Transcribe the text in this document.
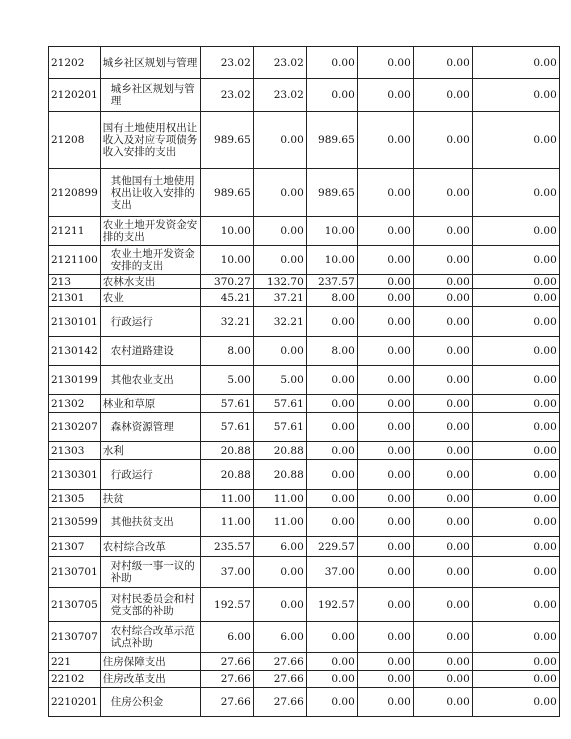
21202	城乡社区规划与管理	23.02	23.02	0.00	0.00	0.00	0.00
2120201	城乡社区规划与管理	23.02	23.02	0.00	0.00	0.00	0.00
21208	国有土地使用权出让收入及对应专项债务收入安排的支出	989.65	0.00	989.65	0.00	0.00	0.00
2120899	其他国有土地使用权出让收入安排的支出	989.65	0.00	989.65	0.00	0.00	0.00
21211	农业土地开发资金安排的支出	10.00	0.00	10.00	0.00	0.00	0.00
2121100	农业土地开发资金安排的支出	10.00	0.00	10.00	0.00	0.00	0.00
213	农林水支出	370.27	132.70	237.57	0.00	0.00	0.00
21301	农业	45.21	37.21	8.00	0.00	0.00	0.00
2130101	行政运行	32.21	32.21	0.00	0.00	0.00	0.00
2130142	农村道路建设	8.00	0.00	8.00	0.00	0.00	0.00
2130199	其他农业支出	5.00	5.00	0.00	0.00	0.00	0.00
21302	林业和草原	57.61	57.61	0.00	0.00	0.00	0.00
2130207	森林资源管理	57.61	57.61	0.00	0.00	0.00	0.00
21303	水利	20.88	20.88	0.00	0.00	0.00	0.00
2130301	行政运行	20.88	20.88	0.00	0.00	0.00	0.00
21305	扶贫	11.00	11.00	0.00	0.00	0.00	0.00
2130599	其他扶贫支出	11.00	11.00	0.00	0.00	0.00	0.00
21307	农村综合改革	235.57	6.00	229.57	0.00	0.00	0.00
2130701	对村级一事一议的补助	37.00	0.00	37.00	0.00	0.00	0.00
2130705	对村民委员会和村党支部的补助	192.57	0.00	192.57	0.00	0.00	0.00
2130707	农村综合改革示范试点补助	6.00	6.00	0.00	0.00	0.00	0.00
221	住房保障支出	27.66	27.66	0.00	0.00	0.00	0.00
22102	住房改革支出	27.66	27.66	0.00	0.00	0.00	0.00
2210201	住房公积金	27.66	27.66	0.00	0.00	0.00	0.00
